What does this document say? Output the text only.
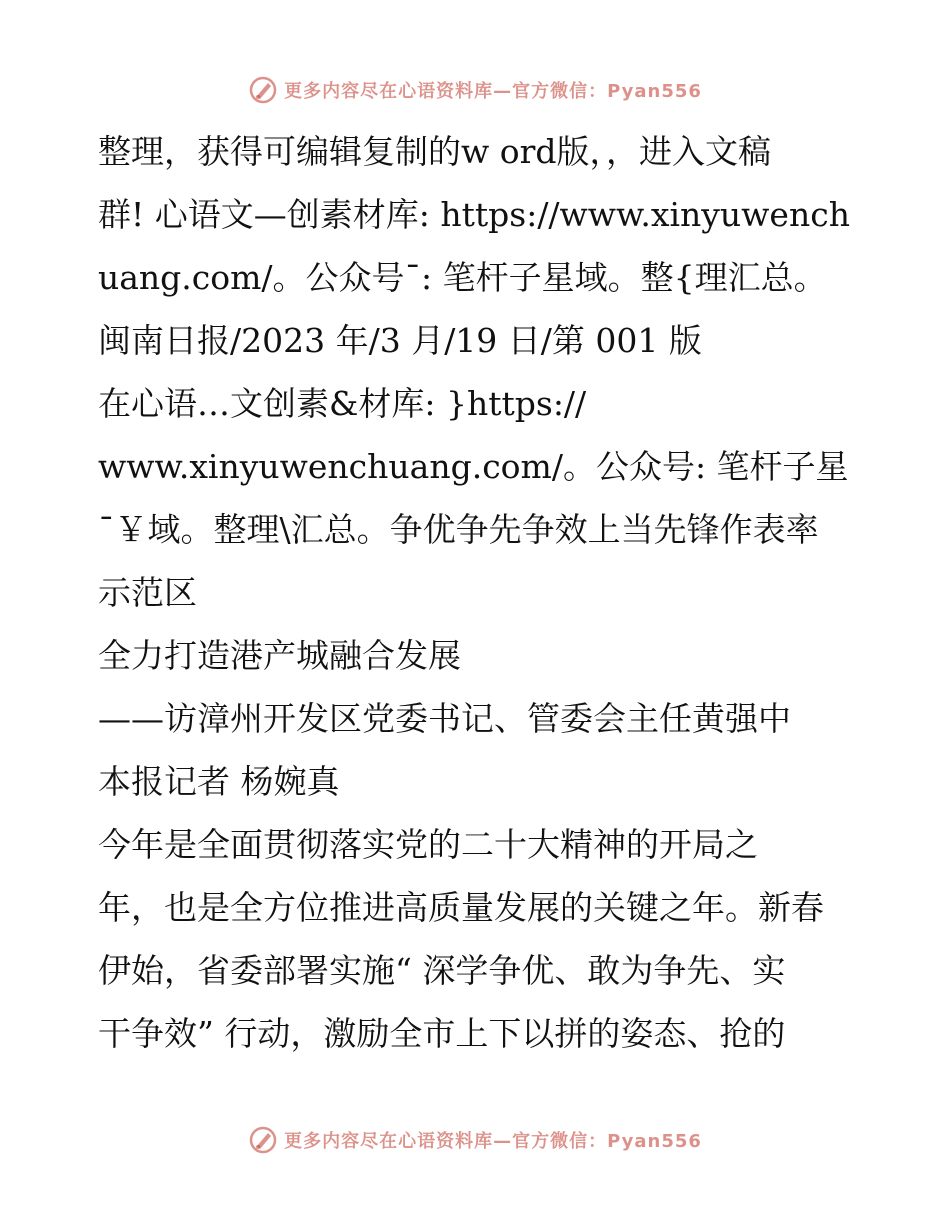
更多内容尽在心语资料库—官方微信：Pyan556
整理，获得可编辑复制的w ord版，，进入文稿
群! 心语文—创素材库: https://www.xinyuwench
uang.com/。公众号¯: 笔杆子星域。整{理汇总。
闽南日报/2023 年/3 月/19 日/第 001 版
在心语…文创素&材库: }https://
www.xinyuwenchuang.com/。公众号: 笔杆子星
¯￥域。整理\汇总。争优争先争效上当先锋作表率
示范区
全力打造港产城融合发展
——访漳州开发区党委书记、管委会主任黄强中
本报记者 杨婉真
今年是全面贯彻落实党的二十大精神的开局之
年，也是全方位推进高质量发展的关键之年。新春
伊始，省委部署实施“ 深学争优、敢为争先、实
干争效” 行动，激励全市上下以拼的姿态、抢的
更多内容尽在心语资料库—官方微信：Pyan556
